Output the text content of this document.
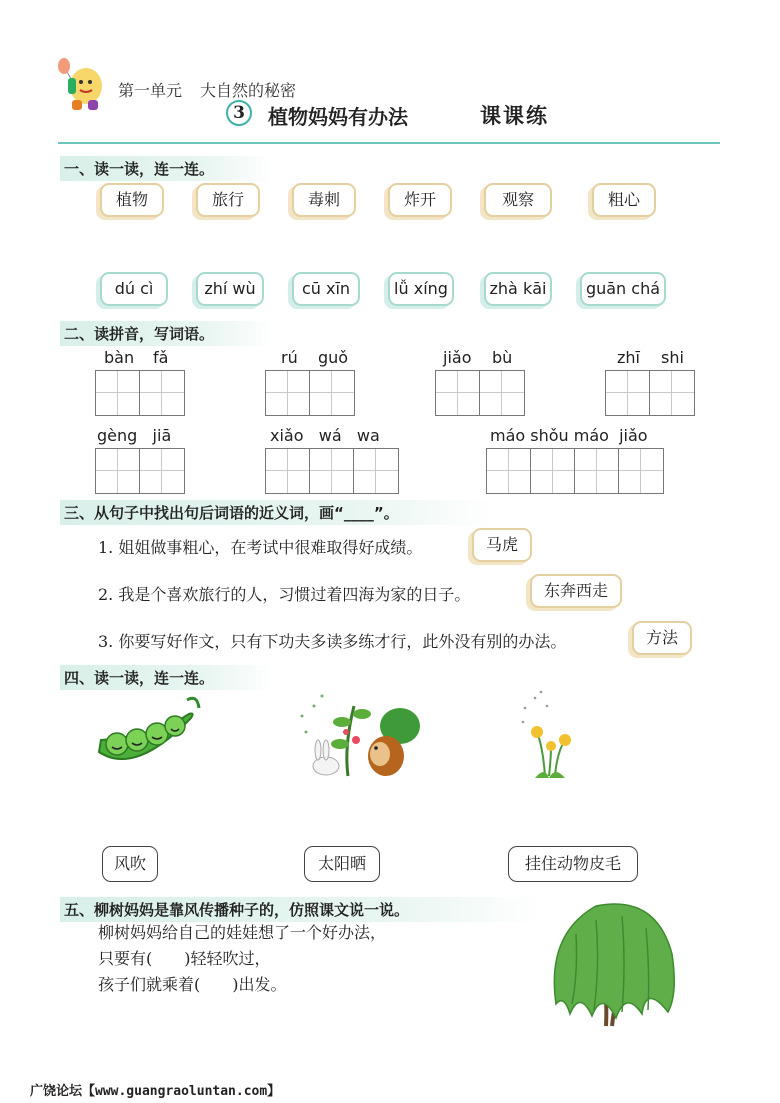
第一单元 大自然的秘密
3	植物妈妈有办法	课课练
一、读一读，连一连。
植物	旅行	毒刺	炸开	观察	粗心
dú cì	zhí wù	cū xīn	lǚ xíng	zhà kāi	guān chá
二、读拼音，写词语。
bàn fǎ	rú guǒ	jiǎo bù	zhī shi
gèng   jiā	xiǎo   wá   wa	máo shǒu máo  jiǎo
三、从句子中找出句后词语的近义词，画“____”。
1. 姐姐做事粗心，在考试中很难取得好成绩。	马虎
2. 我是个喜欢旅行的人，习惯过着四海为家的日子。	东奔西走
3. 你要写好作文，只有下功夫多读多练才行，此外没有别的办法。	方法
四、读一读，连一连。
风吹	太阳晒	挂住动物皮毛
五、柳树妈妈是靠风传播种子的，仿照课文说一说。
柳树妈妈给自己的娃娃想了一个好办法，
只要有(　　)轻轻吹过，
孩子们就乘着(　　)出发。
广饶论坛【www.guangraoluntan.com】
